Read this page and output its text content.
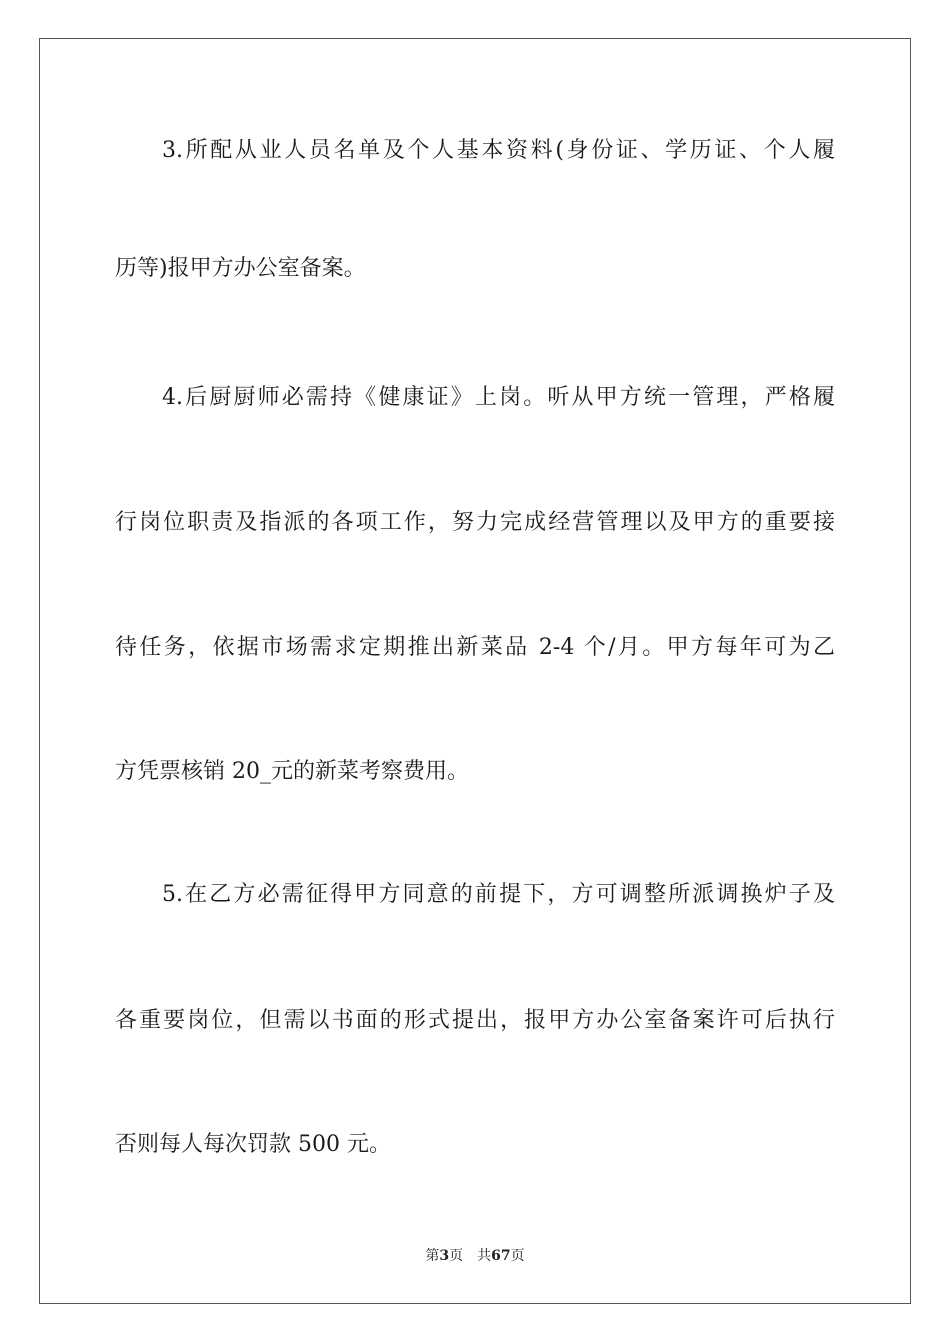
3.所配从业人员名单及个人基本资料(身份证、学历证、个人履
历等)报甲方办公室备案。
4.后厨厨师必需持《健康证》上岗。听从甲方统一管理，严格履
行岗位职责及指派的各项工作，努力完成经营管理以及甲方的重要接
待任务，依据市场需求定期推出新菜品 2-4 个/月。甲方每年可为乙
方凭票核销 20_元的新菜考察费用。
5.在乙方必需征得甲方同意的前提下，方可调整所派调换炉子及
各重要岗位，但需以书面的形式提出，报甲方办公室备案许可后执行
否则每人每次罚款 500 元。
第3页 共67页
